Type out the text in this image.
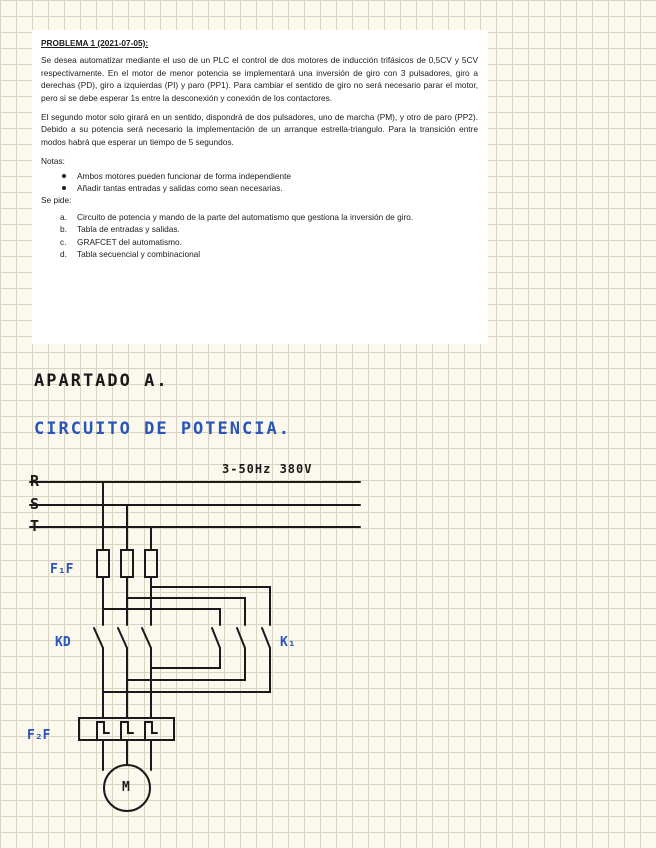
PROBLEMA 1 (2021-07-05):

Se desea automatizar mediante el uso de un PLC el control de dos motores de inducción trifásicos de 0,5CV y 5CV respectivamente. En el motor de menor potencia se implementará una inversión de giro con 3 pulsadores, giro a derechas (PD), giro a izquierdas (PI) y paro (PP1). Para cambiar el sentido de giro no será necesario parar el motor, pero si se debe esperar 1s entre la desconexión y conexión de los contactores.

El segundo motor solo girará en un sentido, dispondrá de dos pulsadores, uno de marcha (PM), y otro de paro (PP2). Debido a su potencia será necesario la implementación de un arranque estrella-triangulo. Para la transición entre modos habrá que esperar un tiempo de 5 segundos.

Notas:

Ambos motores pueden funcionar de forma independiente
Añadir tantas entradas y salidas como sean necesarias.

Se pide:

a. Circuito de potencia y mando de la parte del automatismo que gestiona la inversión de giro.
b. Tabla de entradas y salidas.
c. GRAFCET del automatismo.
d. Tabla secuencial y combinacional
APARTADO A.
CIRCUITO DE POTENCIA.
R
S
T
3-50Hz 380V
F₁F
KD	K₁
F₂F
M
